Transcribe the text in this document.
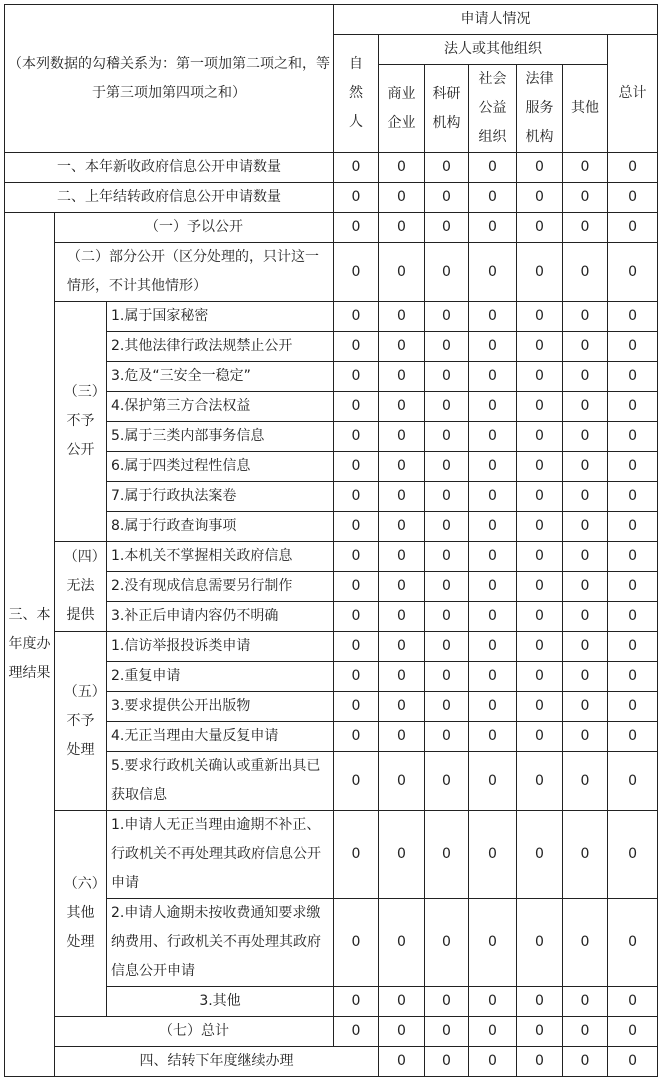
（本列数据的勾稽关系为：第一项加第二项之和，等于第三项加第四项之和）			申请人情况							
			自然人	法人或其他组织					总计	
				商业企业	科研机构	社会公益组织	法律服务机构	其他		

一、本年新收政府信息公开申请数量			0	0	0	0	0	0	0	
二、上年结转政府信息公开申请数量			0	0	0	0	0	0	0	
三、本年度办理结果	（一）予以公开		0	0	0	0	0	0	0	
	（二）部分公开（区分处理的，只计这一情形，不计其他情形）		0	0	0	0	0	0	0	
	（三）不予公开	1.属于国家秘密	0	0	0	0	0	0	0	
		2.其他法律行政法规禁止公开	0	0	0	0	0	0	0	
		3.危及“三安全一稳定”	0	0	0	0	0	0	0	
		4.保护第三方合法权益	0	0	0	0	0	0	0	
		5.属于三类内部事务信息	0	0	0	0	0	0	0	
		6.属于四类过程性信息	0	0	0	0	0	0	0	
		7.属于行政执法案卷	0	0	0	0	0	0	0	
		8.属于行政查询事项	0	0	0	0	0	0	0	
	（四）无法提供	1.本机关不掌握相关政府信息	0	0	0	0	0	0	0	
		2.没有现成信息需要另行制作	0	0	0	0	0	0	0	
		3.补正后申请内容仍不明确	0	0	0	0	0	0	0	
	（五）不予处理	1.信访举报投诉类申请	0	0	0	0	0	0	0	
		2.重复申请	0	0	0	0	0	0	0	
		3.要求提供公开出版物	0	0	0	0	0	0	0	
		4.无正当理由大量反复申请	0	0	0	0	0	0	0	
		5.要求行政机关确认或重新出具已获取信息	0	0	0	0	0	0	0	
	（六）其他处理	1.申请人无正当理由逾期不补正、行政机关不再处理其政府信息公开申请	0	0	0	0	0	0	0	
		2.申请人逾期未按收费通知要求缴纳费用、行政机关不再处理其政府信息公开申请	0	0	0	0	0	0	0	
		3.其他	0	0	0	0	0	0	0	
	（七）总计		0	0	0	0	0	0	0	
	四、结转下年度继续办理			0	0	0	0	0	0	
